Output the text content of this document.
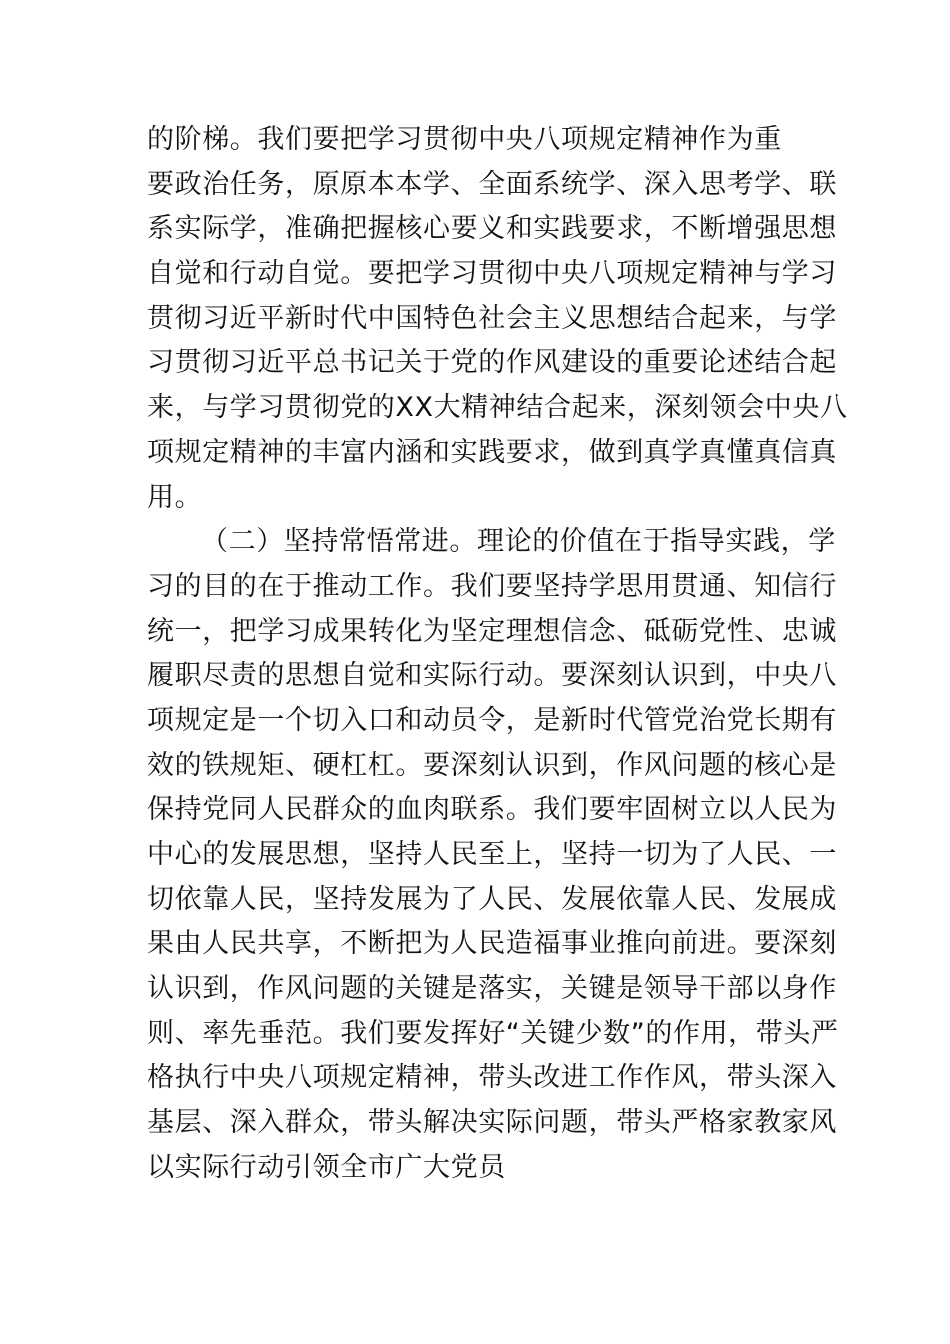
的阶梯。我们要把学习贯彻中央八项规定精神作为重
要政治任务，原原本本学、全面系统学、深入思考学、联
系实际学，准确把握核心要义和实践要求，不断增强思想
自觉和行动自觉。要把学习贯彻中央八项规定精神与学习
贯彻习近平新时代中国特色社会主义思想结合起来，与学
习贯彻习近平总书记关于党的作风建设的重要论述结合起
来，与学习贯彻党的XX大精神结合起来，深刻领会中央八
项规定精神的丰富内涵和实践要求，做到真学真懂真信真
用。
（二）坚持常悟常进。理论的价值在于指导实践，学
习的目的在于推动工作。我们要坚持学思用贯通、知信行
统一，把学习成果转化为坚定理想信念、砥砺党性、忠诚
履职尽责的思想自觉和实际行动。要深刻认识到，中央八
项规定是一个切入口和动员令，是新时代管党治党长期有
效的铁规矩、硬杠杠。要深刻认识到，作风问题的核心是
保持党同人民群众的血肉联系。我们要牢固树立以人民为
中心的发展思想，坚持人民至上，坚持一切为了人民、一
切依靠人民，坚持发展为了人民、发展依靠人民、发展成
果由人民共享，不断把为人民造福事业推向前进。要深刻
认识到，作风问题的关键是落实，关键是领导干部以身作
则、率先垂范。我们要发挥好“关键少数”的作用，带头严
格执行中央八项规定精神，带头改进工作作风，带头深入
基层、深入群众，带头解决实际问题，带头严格家教家风
以实际行动引领全市广大党员
